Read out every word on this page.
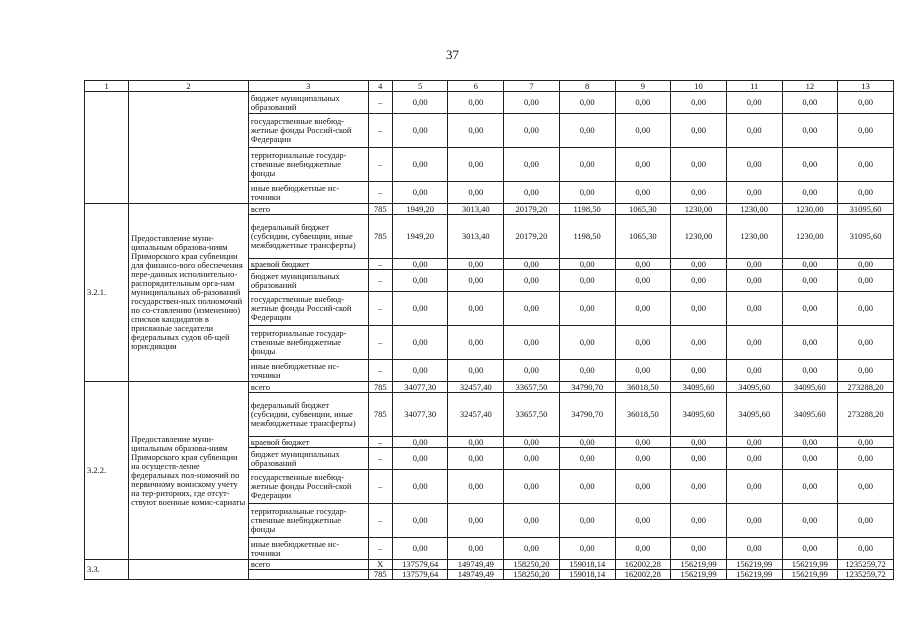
37
1	2	3	4	5	6	7	8	9	10	11	12	13
		бюджет муниципальных образований	–	0,00	0,00	0,00	0,00	0,00	0,00	0,00	0,00	0,00
		государственные внебюд-жетные фонды Россий-ской Федерации	–	0,00	0,00	0,00	0,00	0,00	0,00	0,00	0,00	0,00
		территориальные государ-ственные внебюджетные фонды	–	0,00	0,00	0,00	0,00	0,00	0,00	0,00	0,00	0,00
		иные внебюджетные ис-точники	–	0,00	0,00	0,00	0,00	0,00	0,00	0,00	0,00	0,00
3.2.1.	Предоставление муни-ципальным образова-ниям Приморского края субвенции для финансо-вого обеспечения пере-данных исполнительно-распорядительным орга-нам муниципальных об-разований государствен-ных полномочий по со-ставлению (изменению) списков кандидатов в присяжные заседатели федеральных судов об-щей юрисдикции	всего	785	1949,20	3013,40	20179,20	1198,50	1065,30	1230,00	1230,00	1230,00	31095,60
		федеральный бюджет (субсидии, субвенции, иные межбюджетные трансферты)	785	1949,20	3013,40	20179,20	1198,50	1065,30	1230,00	1230,00	1230,00	31095,60
		краевой бюджет	–	0,00	0,00	0,00	0,00	0,00	0,00	0,00	0,00	0,00
		бюджет муниципальных образований	–	0,00	0,00	0,00	0,00	0,00	0,00	0,00	0,00	0,00
		государственные внебюд-жетные фонды Россий-ской Федерации	–	0,00	0,00	0,00	0,00	0,00	0,00	0,00	0,00	0,00
		территориальные государ-ственные внебюджетные фонды	–	0,00	0,00	0,00	0,00	0,00	0,00	0,00	0,00	0,00
		иные внебюджетные ис-точники	–	0,00	0,00	0,00	0,00	0,00	0,00	0,00	0,00	0,00
3.2.2.	Предоставление муни-ципальным образова-ниям Приморского края субвенции на осуществ-ление федеральных пол-номочий по первичному воинскому учету на тер-риториях, где отсут-ствуют военные комис-сариаты	всего	785	34077,30	32457,40	33657,50	34790,70	36018,50	34095,60	34095,60	34095,60	273288,20
		федеральный бюджет (субсидии, субвенции, иные межбюджетные трансферты)	785	34077,30	32457,40	33657,50	34790,70	36018,50	34095,60	34095,60	34095,60	273288,20
		краевой бюджет	–	0,00	0,00	0,00	0,00	0,00	0,00	0,00	0,00	0,00
		бюджет муниципальных образований	–	0,00	0,00	0,00	0,00	0,00	0,00	0,00	0,00	0,00
		государственные внебюд-жетные фонды Россий-ской Федерации	–	0,00	0,00	0,00	0,00	0,00	0,00	0,00	0,00	0,00
		территориальные государ-ственные внебюджетные фонды	–	0,00	0,00	0,00	0,00	0,00	0,00	0,00	0,00	0,00
		иные внебюджетные ис-точники	–	0,00	0,00	0,00	0,00	0,00	0,00	0,00	0,00	0,00
3.3.		всего	X	137579,64	149749,49	158250,20	159018,14	162002,28	156219,99	156219,99	156219,99	1235259,72
			785	137579,64	149749,49	158250,20	159018,14	162002,28	156219,99	156219,99	156219,99	1235259,72
